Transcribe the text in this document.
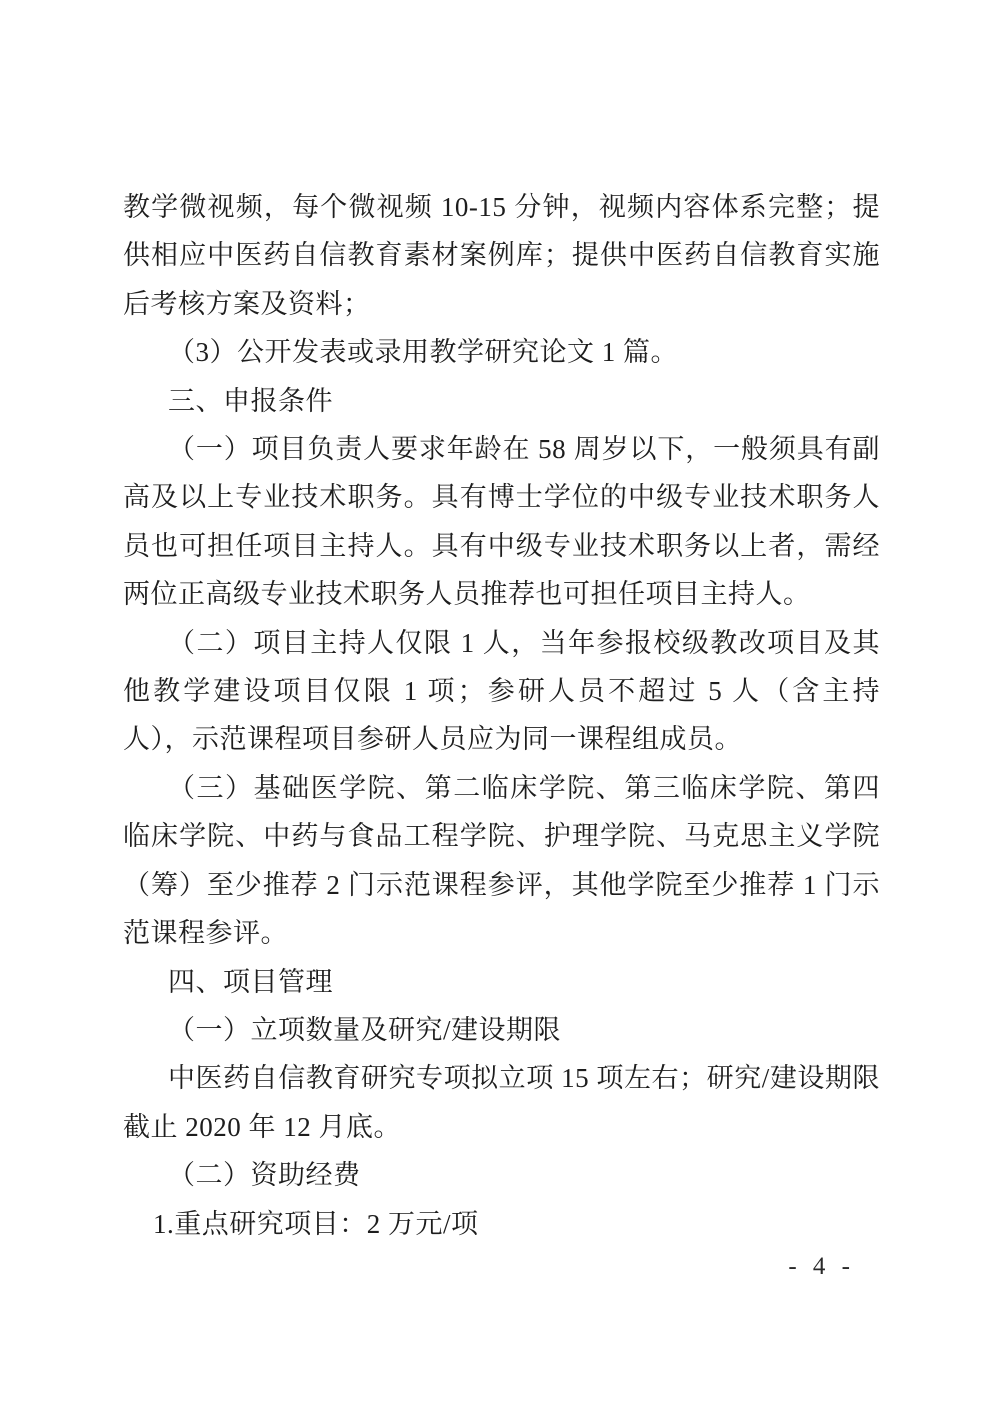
教学微视频，每个微视频 10-15 分钟，视频内容体系完整；提供相应中医药自信教育素材案例库；提供中医药自信教育实施后考核方案及资料；

（3）公开发表或录用教学研究论文 1 篇。

三、申报条件

（一）项目负责人要求年龄在 58 周岁以下，一般须具有副高及以上专业技术职务。具有博士学位的中级专业技术职务人员也可担任项目主持人。具有中级专业技术职务以上者，需经两位正高级专业技术职务人员推荐也可担任项目主持人。

（二）项目主持人仅限 1 人，当年参报校级教改项目及其他教学建设项目仅限 1 项；参研人员不超过 5 人（含主持人），示范课程项目参研人员应为同一课程组成员。

（三）基础医学院、第二临床学院、第三临床学院、第四临床学院、中药与食品工程学院、护理学院、马克思主义学院（筹）至少推荐 2 门示范课程参评，其他学院至少推荐 1 门示范课程参评。

四、项目管理
（一）立项数量及研究/建设期限

中医药自信教育研究专项拟立项 15 项左右；研究/建设期限截止 2020 年 12 月底。

（二）资助经费

1.重点研究项目：2 万元/项

- 4 -
